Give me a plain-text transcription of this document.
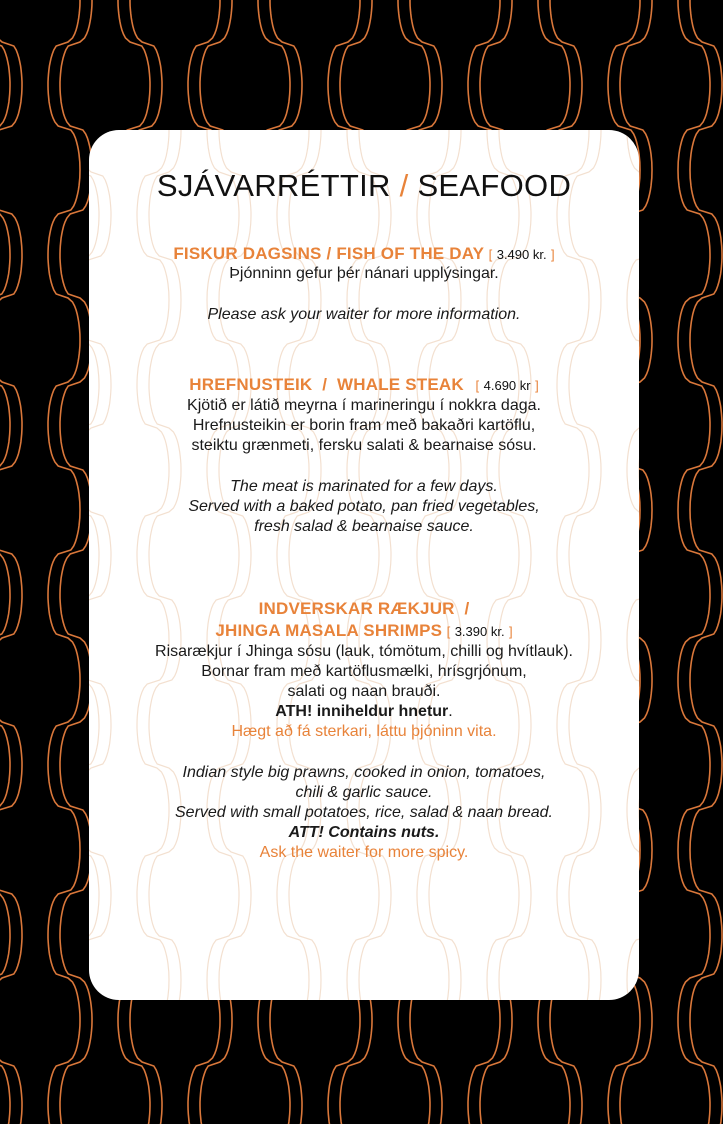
SJÁVARRÉTTIR / SEAFOOD
FISKUR DAGSINS / FISH OF THE DAY [ 3.490 kr. ]
Þjónninn gefur þér nánari upplýsingar.
Please ask your waiter for more information.
HREFNUSTEIK  /  WHALE STEAK   [ 4.690 kr ]
Kjötið er látið meyrna í marineringu í nokkra daga.
Hrefnusteikin er borin fram með bakaðri kartöflu,
steiktu grænmeti, fersku salati & bearnaise sósu.
The meat is marinated for a few days.
Served with a baked potato, pan fried vegetables,
fresh salad & bearnaise sauce.
INDVERSKAR RÆKJUR  /
JHINGA MASALA SHRIMPS [ 3.390 kr. ]
Risarækjur í Jhinga sósu (lauk, tómötum, chilli og hvítlauk).
Bornar fram með kartöflusmælki, hrísgrjónum,
salati og naan brauði.
ATH! inniheldur hnetur.
Hægt að fá sterkari, láttu þjóninn vita.
Indian style big prawns, cooked in onion, tomatoes,
chili & garlic sauce.
Served with small potatoes, rice, salad & naan bread.
ATT! Contains nuts.
Ask the waiter for more spicy.
